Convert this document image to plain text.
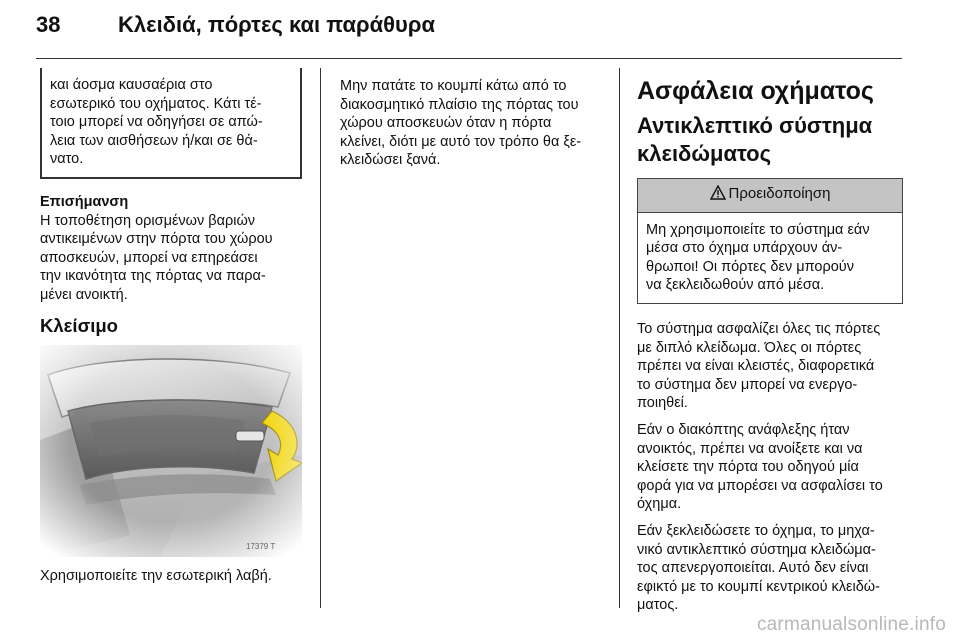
38	Κλειδιά, πόρτες και παράθυρα
και άοσμα καυσαέρια στο
εσωτερικό του οχήματος. Κάτι τέ-
τοιο μπορεί να οδηγήσει σε απώ-
λεια των αισθήσεων ή/και σε θά-
νατο.
Επισήμανση
Η τοποθέτηση ορισμένων βαριών
αντικειμένων στην πόρτα του χώρου
αποσκευών, μπορεί να επηρεάσει
την ικανότητα της πόρτας να παρα-
μένει ανοικτή.
Κλείσιμο
17379 T
Χρησιμοποιείτε την εσωτερική λαβή.
Μην πατάτε το κουμπί κάτω από το
διακοσμητικό πλαίσιο της πόρτας του
χώρου αποσκευών όταν η πόρτα
κλείνει, διότι με αυτό τον τρόπο θα ξε-
κλειδώσει ξανά.
Ασφάλεια οχήματος
Αντικλεπτικό σύστημα
κλειδώματος
Προειδοποίηση
Μη χρησιμοποιείτε το σύστημα εάν
μέσα στο όχημα υπάρχουν άν-
θρωποι! Οι πόρτες δεν μπορούν
να ξεκλειδωθούν από μέσα.
Το σύστημα ασφαλίζει όλες τις πόρτες
με διπλό κλείδωμα. Όλες οι πόρτες
πρέπει να είναι κλειστές, διαφορετικά
το σύστημα δεν μπορεί να ενεργο-
ποιηθεί.
Εάν ο διακόπτης ανάφλεξης ήταν
ανοικτός, πρέπει να ανοίξετε και να
κλείσετε την πόρτα του οδηγού μία
φορά για να μπορέσει να ασφαλίσει το
όχημα.
Εάν ξεκλειδώσετε το όχημα, το μηχα-
νικό αντικλεπτικό σύστημα κλειδώμα-
τος απενεργοποιείται. Αυτό δεν είναι
εφικτό με το κουμπί κεντρικού κλειδώ-
ματος.
carmanualsonline.info
